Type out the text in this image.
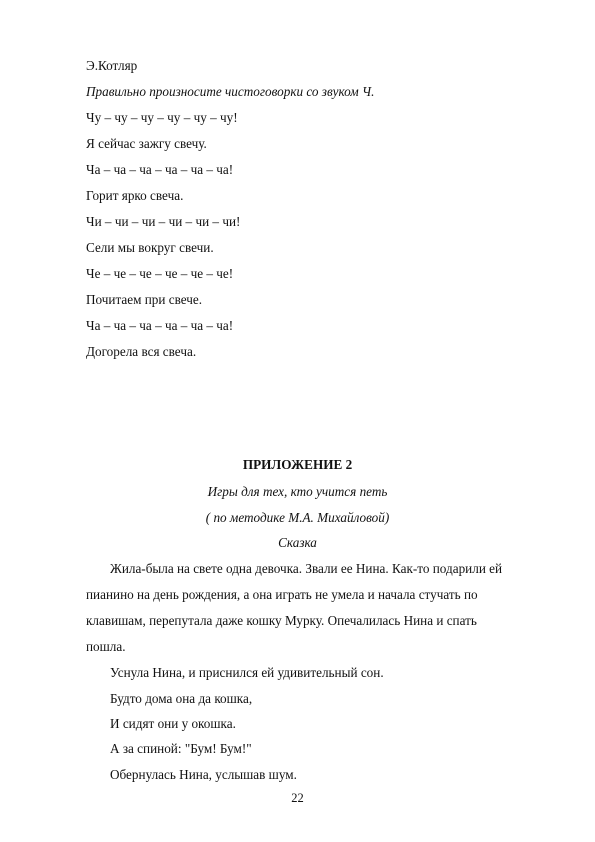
Э.Котляр
Правильно произносите чистоговорки со звуком Ч.
Чу – чу – чу – чу – чу – чу!
Я сейчас зажгу свечу.
Ча – ча – ча – ча – ча – ча!
Горит ярко свеча.
Чи – чи – чи – чи – чи – чи!
Сели мы вокруг свечи.
Че – че – че – че – че – че!
Почитаем при свече.
Ча – ча – ча – ча – ча – ча!
Догорела вся свеча.
ПРИЛОЖЕНИЕ 2
Игры для тех, кто учится петь
( по методике М.А. Михайловой)
Сказка
Жила-была на свете одна девочка. Звали ее Нина. Как-то подарили ей
пианино на день рождения, а она играть не умела и начала стучать по
клавишам, перепутала даже кошку Мурку. Опечалилась Нина и спать
пошла.
Уснула Нина, и приснился ей удивительный сон.
Будто дома она да кошка,
И сидят они у окошка.
А за спиной: "Бум! Бум!"
Обернулась Нина, услышав шум.
22
